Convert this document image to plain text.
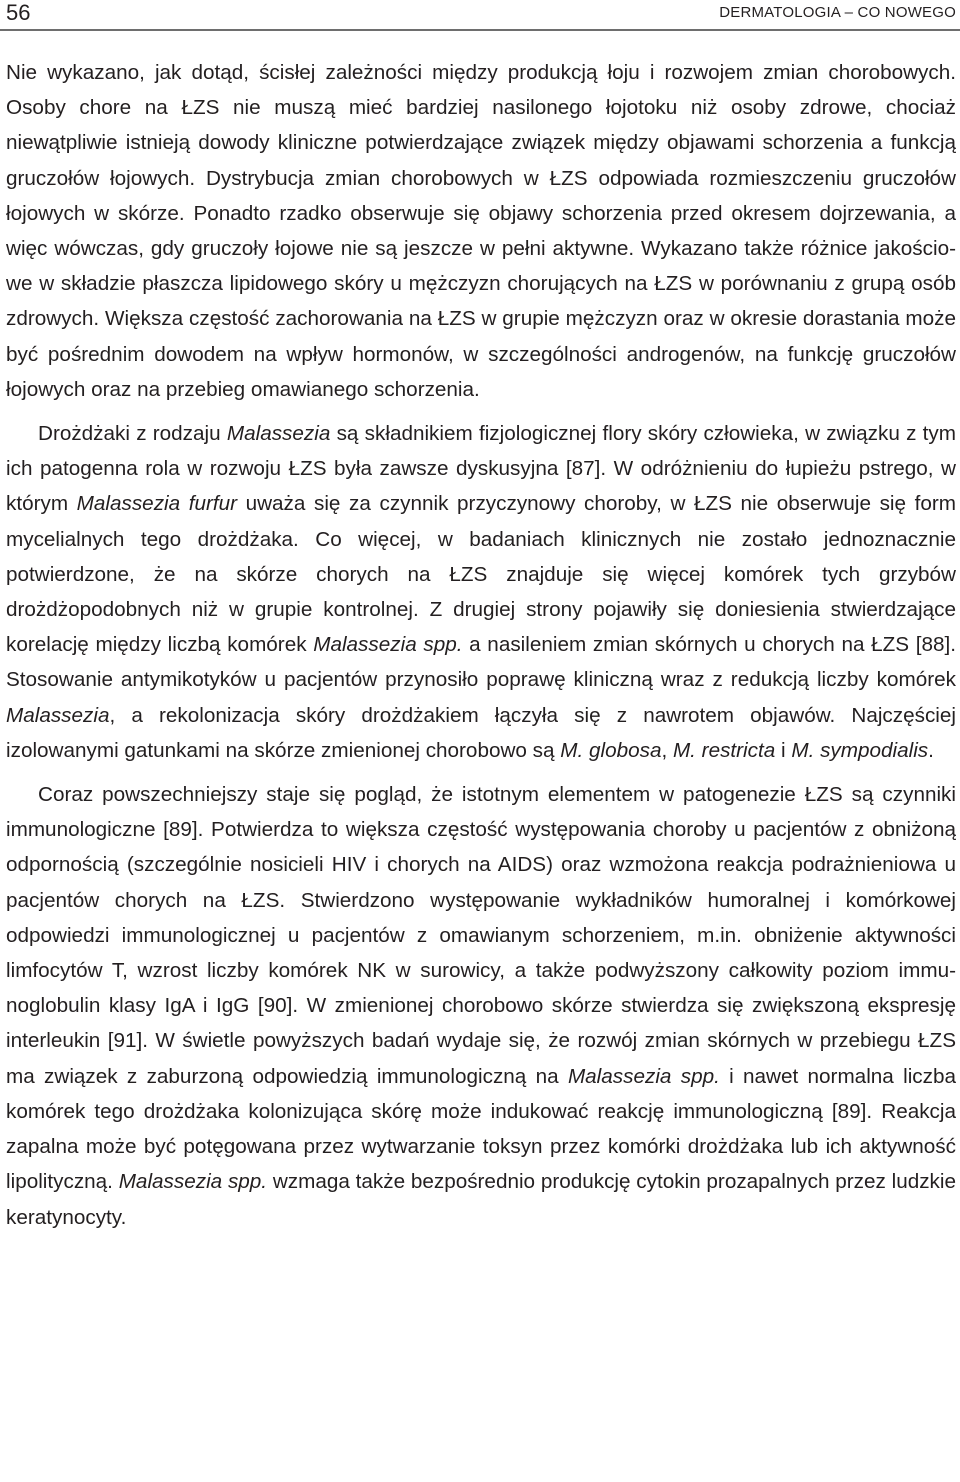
56	DERMATOLOGIA – CO NOWEGO

Nie wykazano, jak dotąd, ścisłej zależności między produkcją łoju i rozwojem zmian chorobowych. Osoby chore na ŁZS nie muszą mieć bardziej nasilonego łojotoku niż osoby zdrowe, chociaż niewątpliwie istnieją dowody kliniczne potwierdzające związek między objawami schorzenia a funkcją gruczołów łojowych. Dystrybucja zmian chorobowych w ŁZS odpowiada rozmieszczeniu gruczołów łojowych w skórze. Ponadto rzadko obserwuje się objawy schorzenia przed okresem dojrzewania, a więc wówczas, gdy gruczoły łojowe nie są jeszcze w pełni aktywne. Wykazano także różnice jakościowe w składzie płaszcza lipidowego skóry u mężczyzn chorujących na ŁZS w porównaniu z grupą osób zdrowych. Większa częstość zachorowania na ŁZS w grupie mężczyzn oraz w okresie dorastania może być pośrednim dowodem na wpływ hormonów, w szczególności androgenów, na funkcję gruczołów łojowych oraz na przebieg omawianego schorzenia.

Drożdżaki z rodzaju Malassezia są składnikiem fizjologicznej flory skóry człowieka, w związku z tym ich patogenna rola w rozwoju ŁZS była zawsze dyskusyjna [87]. W odróżnieniu do łupieżu pstrego, w którym Malassezia furfur uważa się za czynnik przyczynowy choroby, w ŁZS nie obserwuje się form mycelialnych tego drożdżaka. Co więcej, w badaniach klinicznych nie zostało jednoznacznie potwierdzone, że na skórze chorych na ŁZS znajduje się więcej komórek tych grzybów drożdżopodobnych niż w grupie kontrolnej. Z drugiej strony pojawiły się doniesienia stwierdzające korelację między liczbą komórek Malassezia spp. a nasileniem zmian skórnych u chorych na ŁZS [88]. Stosowanie antymikotyków u pacjentów przynosiło poprawę kliniczną wraz z redukcją liczby komórek Malassezia, a rekolonizacja skóry drożdżakiem łączyła się z nawrotem objawów. Najczęściej izolowanymi gatunkami na skórze zmienionej chorobowo są M. globosa, M. restricta i M. sympodialis.

Coraz powszechniejszy staje się pogląd, że istotnym elementem w patogenezie ŁZS są czynniki immunologiczne [89]. Potwierdza to większa częstość występowania choroby u pacjentów z obniżoną odpornością (szczególnie nosicieli HIV i chorych na AIDS) oraz wzmożona reakcja podrażnieniowa u pacjentów chorych na ŁZS. Stwierdzono występowanie wykładników humoralnej i komórkowej odpowiedzi immunologicznej u pacjentów z omawianym schorzeniem, m.in. obniżenie aktywności limfocytów T, wzrost liczby komórek NK w surowicy, a także podwyższony całkowity poziom immunoglobulin klasy IgA i IgG [90]. W zmienionej chorobowo skórze stwierdza się zwiększoną ekspresję interleukin [91]. W świetle powyższych badań wydaje się, że rozwój zmian skórnych w przebiegu ŁZS ma związek z zaburzoną odpowiedzią immunologiczną na Malassezia spp. i nawet normalna liczba komórek tego drożdżaka kolonizująca skórę może indukować reakcję immunologiczną [89]. Reakcja zapalna może być potęgowana przez wytwarzanie toksyn przez komórki drożdżaka lub ich aktywność lipolityczną. Malassezia spp. wzmaga także bezpośrednio produkcję cytokin prozapalnych przez ludzkie keratynocyty.
